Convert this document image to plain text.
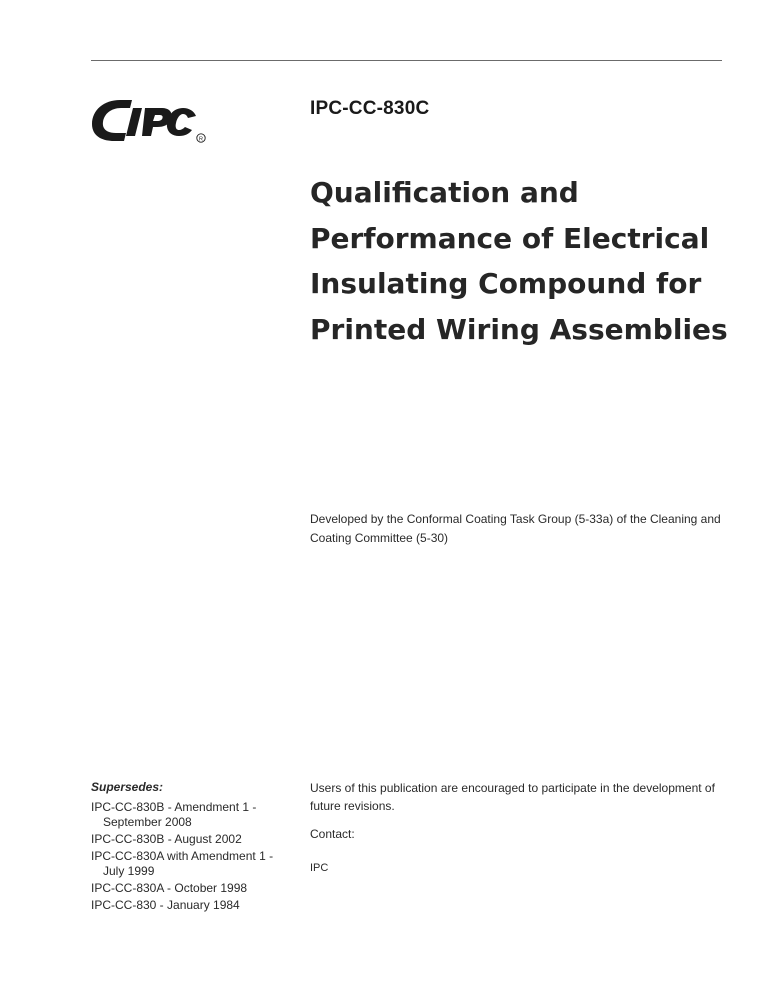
R
IPC-CC-830C
Qualification and
Performance of Electrical
Insulating Compound for
Printed Wiring Assemblies
Developed by the Conformal Coating Task Group (5-33a) of the Cleaning and Coating Committee (5-30)
Supersedes:
IPC-CC-830B - Amendment 1 - September 2008
IPC-CC-830B - August 2002
IPC-CC-830A with Amendment 1 - July 1999
IPC-CC-830A - October 1998
IPC-CC-830 - January 1984
Users of this publication are encouraged to participate in the development of future revisions.
Contact:
IPC
